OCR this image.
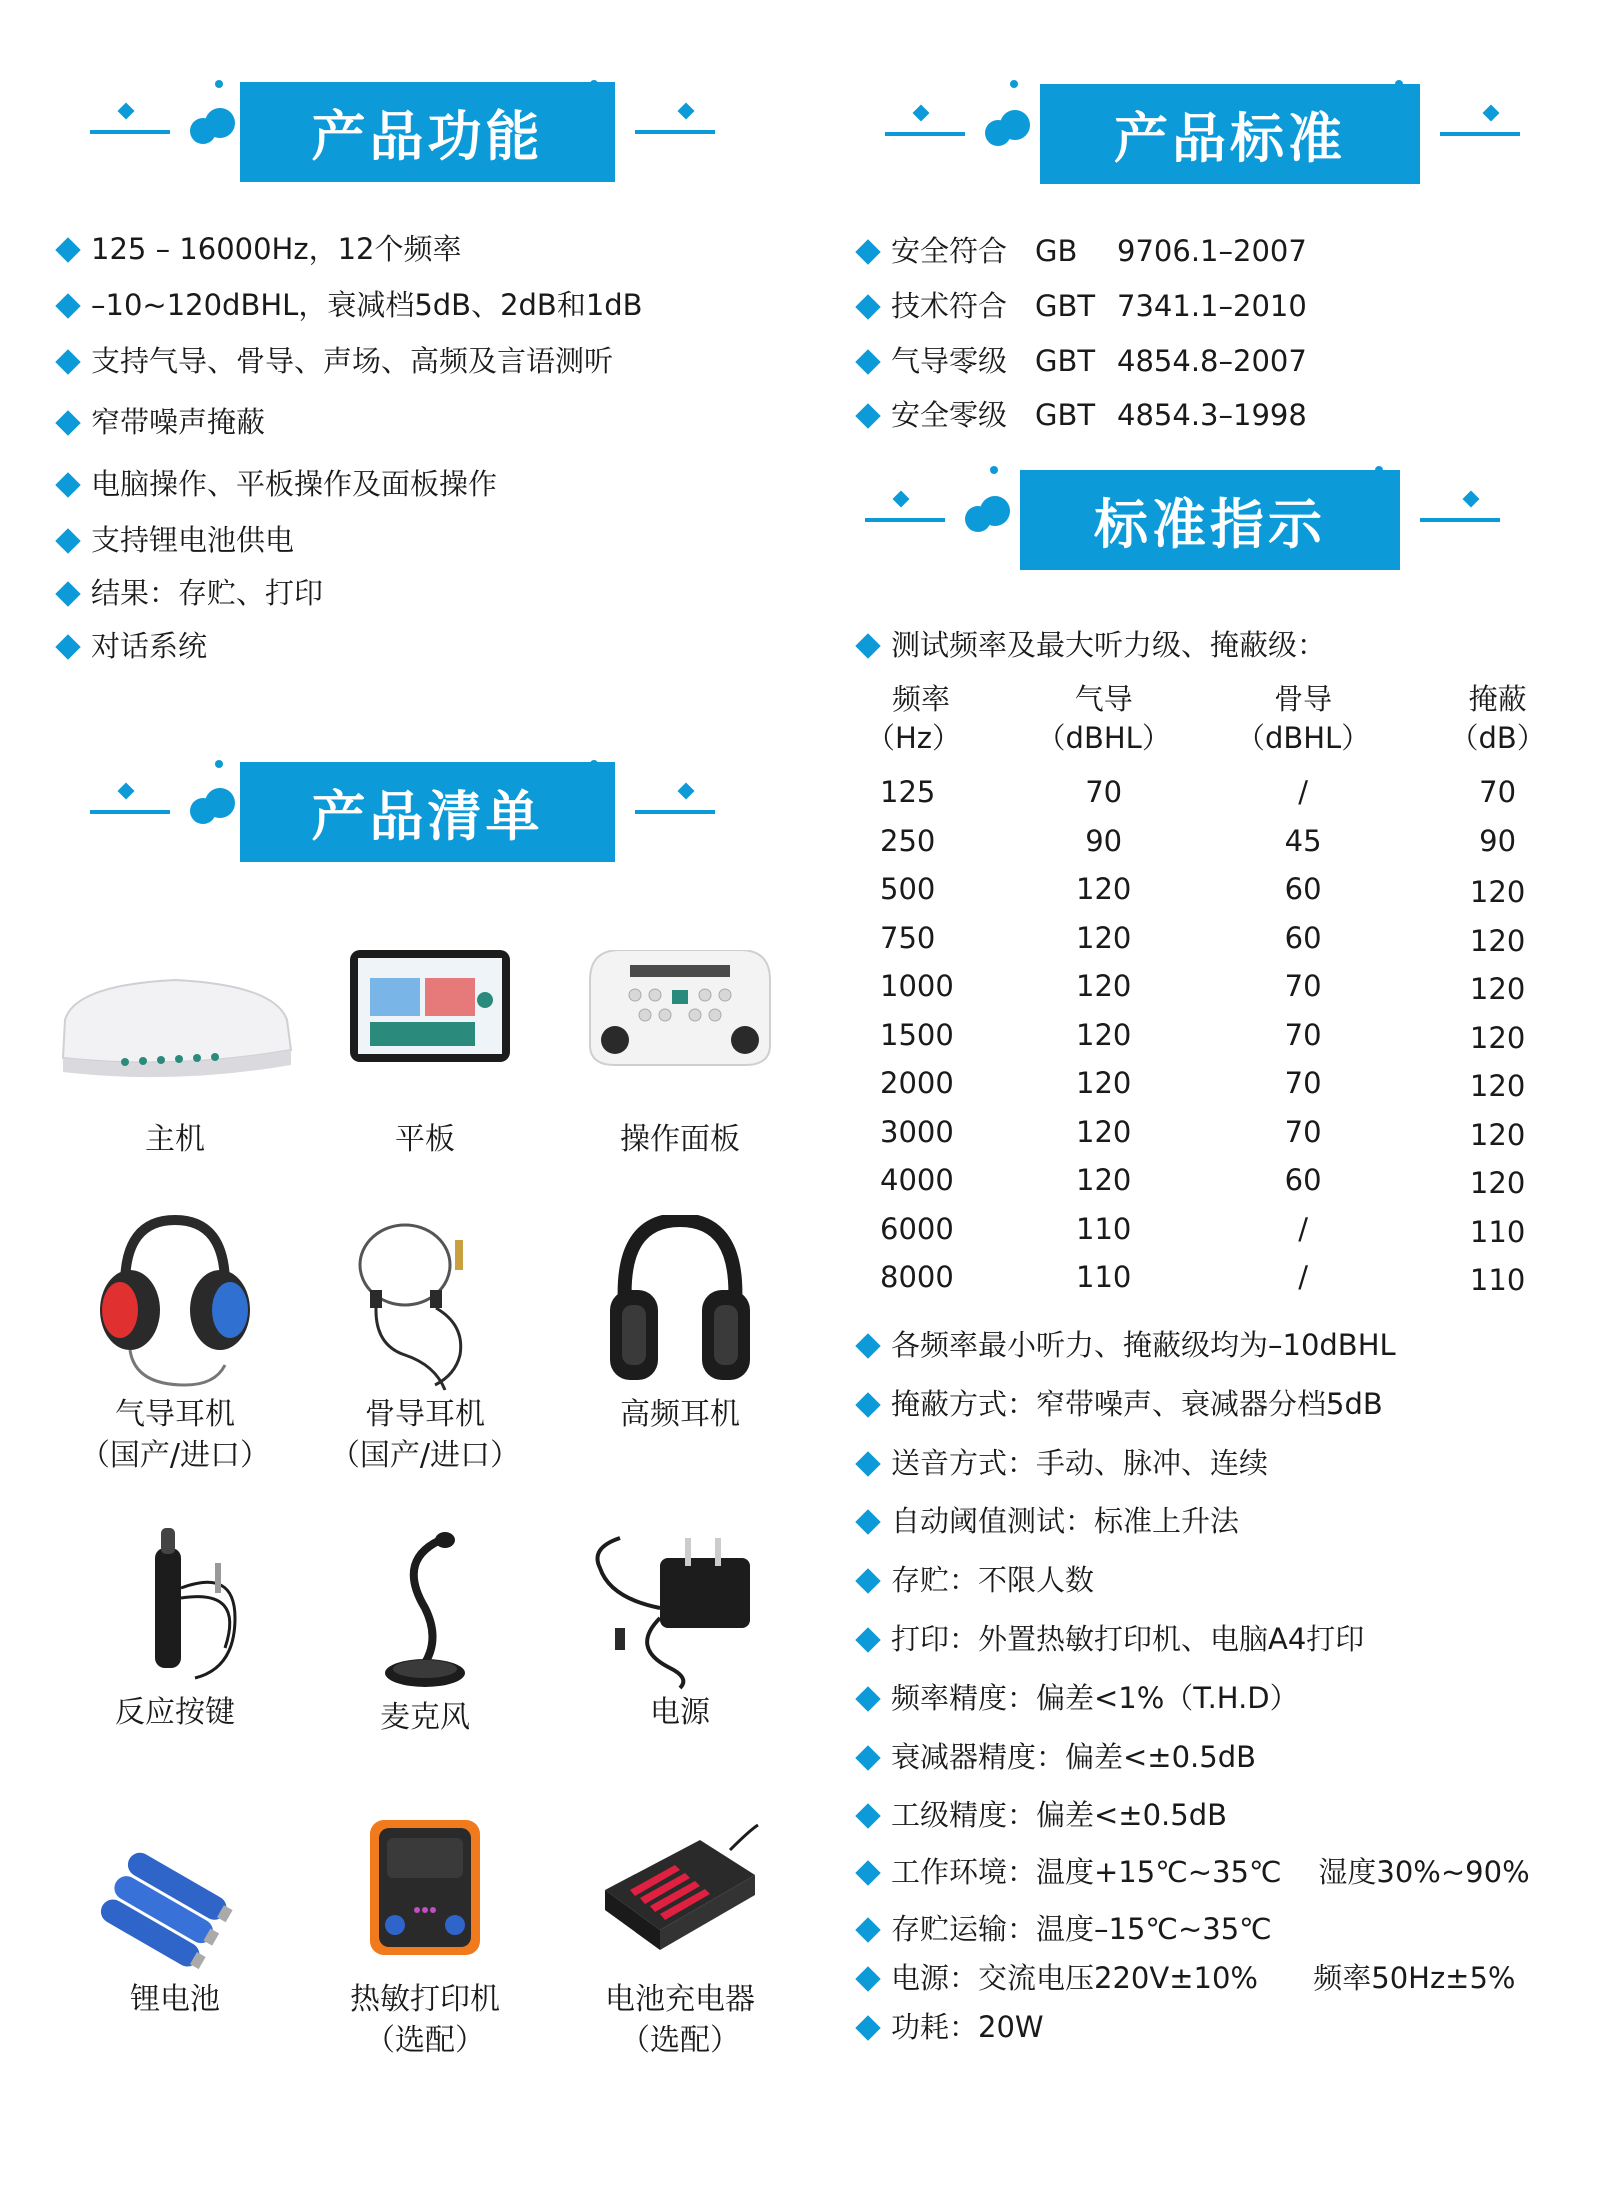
产品功能
125 – 16000Hz，12个频率
–10~120dBHL，衰减档5dB、2dB和1dB
支持气导、骨导、声场、高频及言语测听
窄带噪声掩蔽
电脑操作、平板操作及面板操作
支持锂电池供电
结果：存贮、打印
对话系统
产品清单
主机	平板	操作面板
气导耳机
（国产/进口）
骨导耳机
（国产/进口）
高频耳机
反应按键	麦克风	电源
锂电池	热敏打印机
（选配）
电池充电器
（选配）
产品标准
安全符合 GB 9706.1–2007
技术符合 GBT 7341.1–2010
气导零级 GBT 4854.8–2007
安全零级 GBT 4854.3–1998
标准指示
测试频率及最大听力级、掩蔽级：
频率
（Hz）
气导
（dBHL）
骨导
（dBHL）
掩蔽
（dB）
125	70	/	70
250	90	45	90
500	120	60	120
750	120	60	120
1000	120	70	120
1500	120	70	120
2000	120	70	120
3000	120	70	120
4000	120	60	120
6000	110	/	110
8000	110	/	110
各频率最小听力、掩蔽级均为–10dBHL
掩蔽方式：窄带噪声、衰减器分档5dB
送音方式：手动、脉冲、连续
自动阈值测试：标准上升法
存贮：不限人数
打印：外置热敏打印机、电脑A4打印
频率精度：偏差<1%（T.H.D）
衰减器精度：偏差<±0.5dB
工级精度：偏差<±0.5dB
工作环境：温度+15℃~35℃    湿度30%~90%
存贮运输：温度–15℃~35℃
电源：交流电压220V±10%      频率50Hz±5%
功耗：20W
